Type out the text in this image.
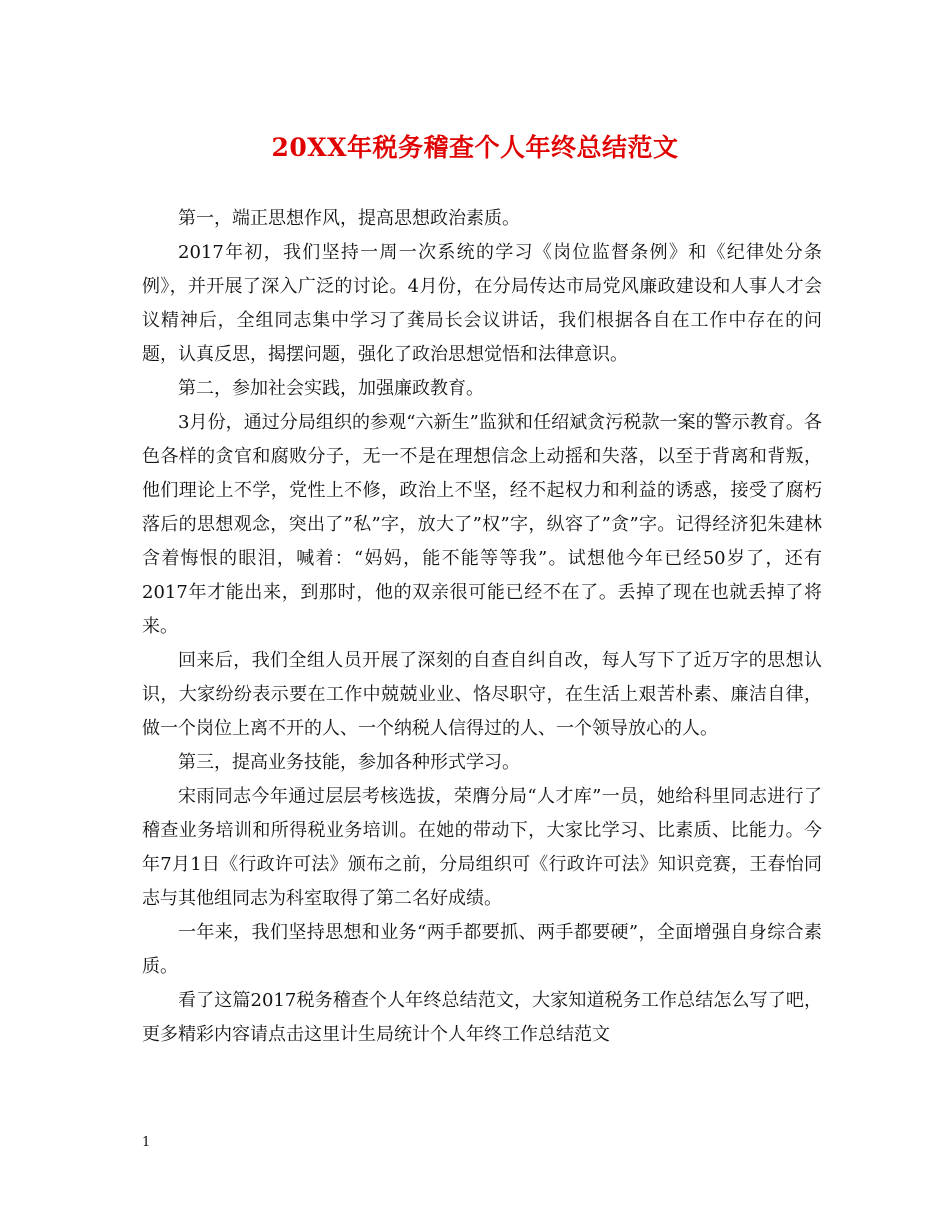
20XX年税务稽查个人年终总结范文

第一，端正思想作风，提高思想政治素质。

2017年初，我们坚持一周一次系统的学习《岗位监督条例》和《纪律处分条例》，并开展了深入广泛的讨论。4月份，在分局传达市局党风廉政建设和人事人才会议精神后，全组同志集中学习了龚局长会议讲话，我们根据各自在工作中存在的问题，认真反思，揭摆问题，强化了政治思想觉悟和法律意识。

第二，参加社会实践，加强廉政教育。

3月份，通过分局组织的参观“六新生”监狱和任绍斌贪污税款一案的警示教育。各色各样的贪官和腐败分子，无一不是在理想信念上动摇和失落，以至于背离和背叛，他们理论上不学，党性上不修，政治上不坚，经不起权力和利益的诱惑，接受了腐朽落后的思想观念，突出了”私”字，放大了”权”字，纵容了”贪”字。记得经济犯朱建林含着悔恨的眼泪，喊着：“妈妈，能不能等等我”。试想他今年已经50岁了，还有2017年才能出来，到那时，他的双亲很可能已经不在了。丢掉了现在也就丢掉了将来。

回来后，我们全组人员开展了深刻的自查自纠自改，每人写下了近万字的思想认识，大家纷纷表示要在工作中兢兢业业、恪尽职守，在生活上艰苦朴素、廉洁自律，做一个岗位上离不开的人、一个纳税人信得过的人、一个领导放心的人。

第三，提高业务技能，参加各种形式学习。

宋雨同志今年通过层层考核选拔，荣膺分局“人才库”一员，她给科里同志进行了稽查业务培训和所得税业务培训。在她的带动下，大家比学习、比素质、比能力。今年7月1日《行政许可法》颁布之前，分局组织可《行政许可法》知识竞赛，王春怡同志与其他组同志为科室取得了第二名好成绩。

一年来，我们坚持思想和业务“两手都要抓、两手都要硬”，全面增强自身综合素质。

看了这篇2017税务稽查个人年终总结范文，大家知道税务工作总结怎么写了吧，更多精彩内容请点击这里计生局统计个人年终工作总结范文

1
